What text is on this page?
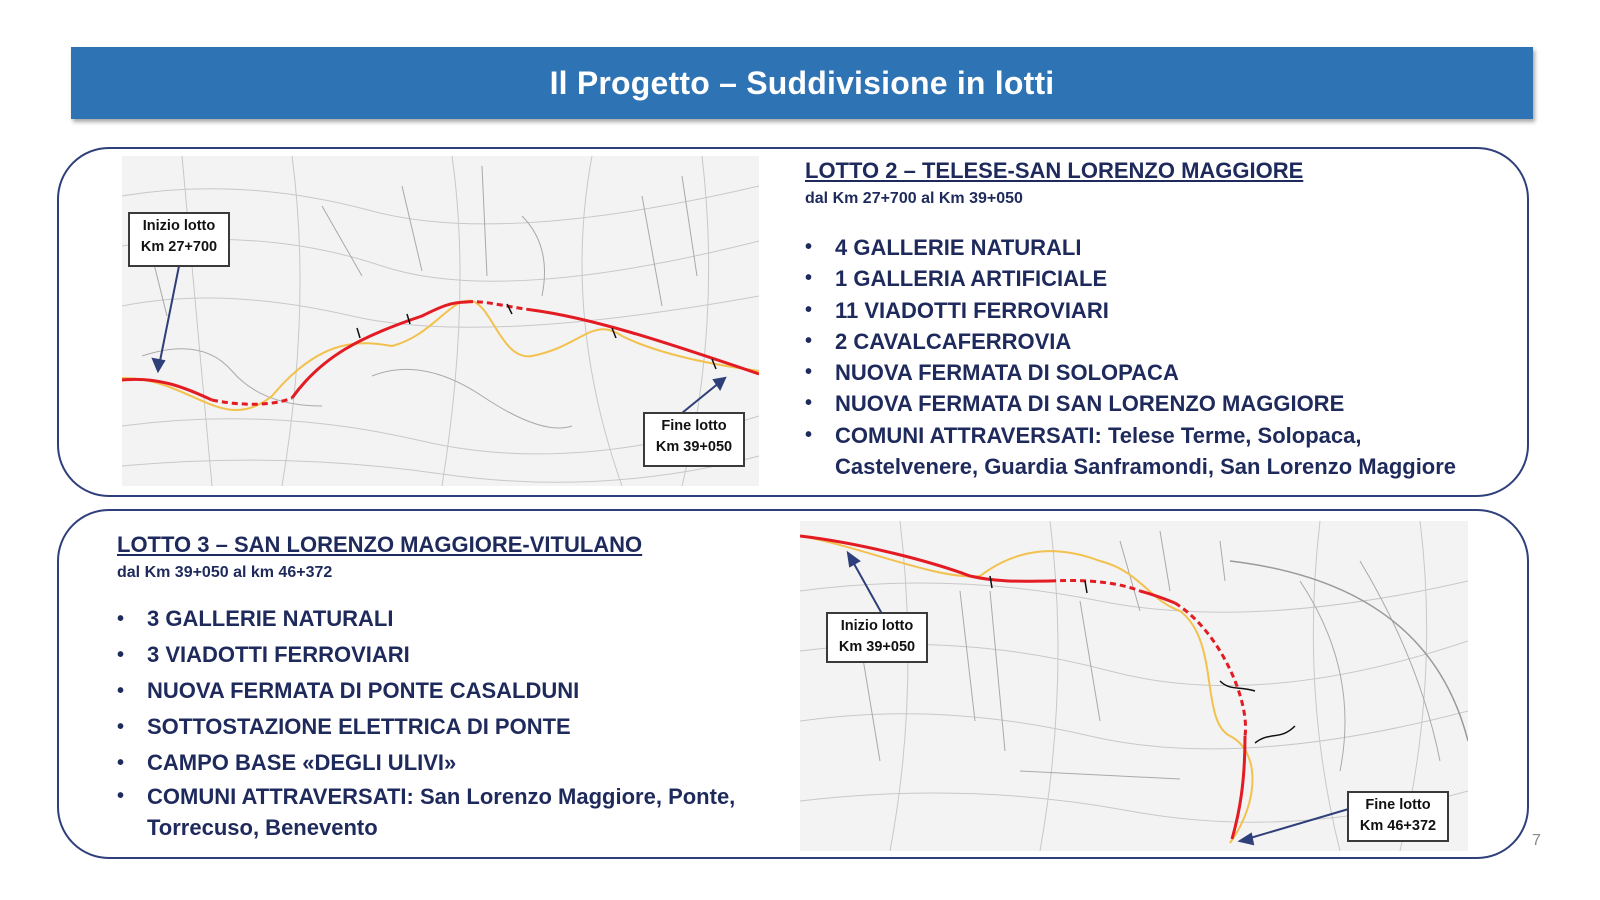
Il Progetto – Suddivisione in lotti
Inizio lotto
Km 27+700
Fine lotto
Km 39+050
LOTTO 2 – TELESE-SAN LORENZO MAGGIORE

dal Km 27+700 al Km 39+050

• 4 GALLERIE NATURALI
• 1 GALLERIA ARTIFICIALE
• 11 VIADOTTI FERROVIARI
• 2 CAVALCAFERROVIA
• NUOVA FERMATA DI SOLOPACA
• NUOVA FERMATA DI SAN LORENZO MAGGIORE
• COMUNI ATTRAVERSATI: Telese Terme, Solopaca, Castelvenere, Guardia Sanframondi, San Lorenzo Maggiore
LOTTO 3 – SAN LORENZO MAGGIORE-VITULANO

dal Km 39+050 al km 46+372

• 3 GALLERIE NATURALI
• 3 VIADOTTI FERROVIARI
• NUOVA FERMATA DI PONTE CASALDUNI
• SOTTOSTAZIONE ELETTRICA DI PONTE
• CAMPO BASE «DEGLI ULIVI»
• COMUNI ATTRAVERSATI: San Lorenzo Maggiore, Ponte, Torrecuso, Benevento
Inizio lotto
Km 39+050
Fine lotto
Km 46+372
7
